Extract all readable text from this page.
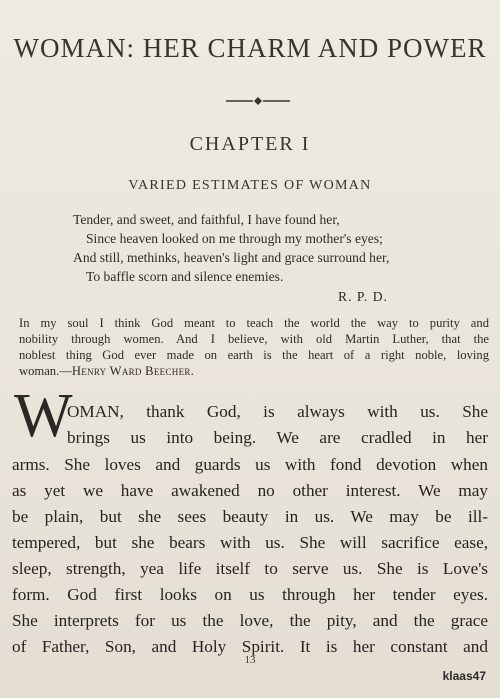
WOMAN: HER CHARM AND POWER
CHAPTER I
VARIED ESTIMATES OF WOMAN
Tender, and sweet, and faithful, I have found her,
Since heaven looked on me through my mother's eyes;
And still, methinks, heaven's light and grace surround her,
To baffle scorn and silence enemies.
R. P. D.
In my soul I think God meant to teach the world the way to purity and
nobility through women. And I believe, with old Martin Luther, that the
noblest thing God ever made on earth is the heart of a right noble, loving
woman.—Henry Ward Beecher.
W
OMAN, thank God, is always with us. She
brings us into being. We are cradled in her
arms. She loves and guards us with fond devotion when
as yet we have awakened no other interest. We may
be plain, but she sees beauty in us. We may be ill-
tempered, but she bears with us. She will sacrifice ease,
sleep, strength, yea life itself to serve us. She is Love's
form. God first looks on us through her tender eyes.
She interprets for us the love, the pity, and the grace
of Father, Son, and Holy Spirit. It is her constant and
13
klaas47
